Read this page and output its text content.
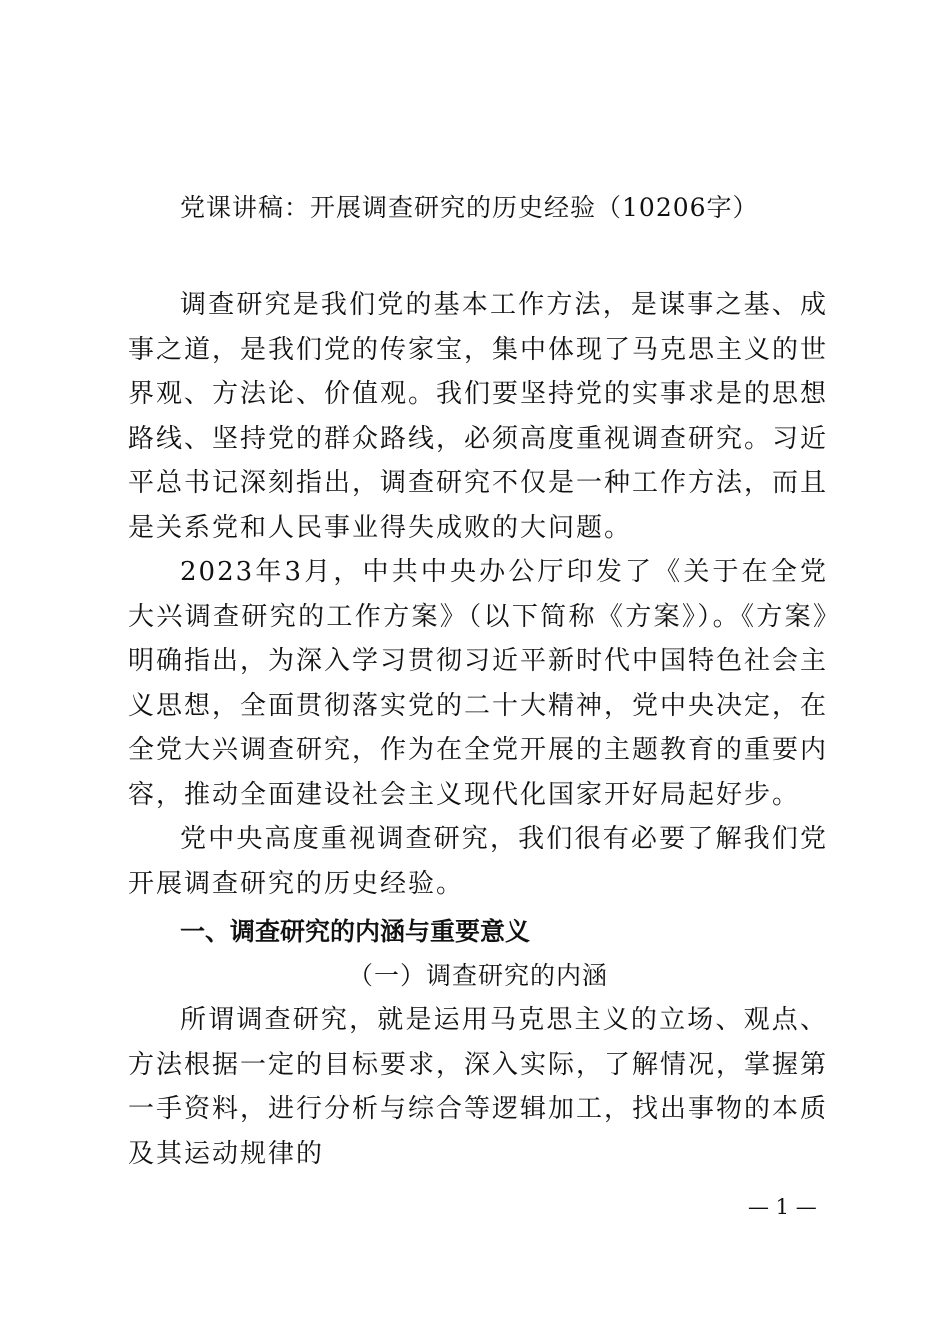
党课讲稿：开展调查研究的历史经验（10206字）

调查研究是我们党的基本工作方法，是谋事之基、成事之道，是我们党的传家宝，集中体现了马克思主义的世界观、方法论、价值观。我们要坚持党的实事求是的思想路线、坚持党的群众路线，必须高度重视调查研究。习近平总书记深刻指出，调查研究不仅是一种工作方法，而且是关系党和人民事业得失成败的大问题。

2023年3月，中共中央办公厅印发了《关于在全党大兴调查研究的工作方案》（以下简称《方案》）。《方案》明确指出，为深入学习贯彻习近平新时代中国特色社会主义思想，全面贯彻落实党的二十大精神，党中央决定，在全党大兴调查研究，作为在全党开展的主题教育的重要内容，推动全面建设社会主义现代化国家开好局起好步。

党中央高度重视调查研究，我们很有必要了解我们党开展调查研究的历史经验。

一、调查研究的内涵与重要意义

（一）调查研究的内涵

所谓调查研究，就是运用马克思主义的立场、观点、方法根据一定的目标要求，深入实际，了解情况，掌握第一手资料，进行分析与综合等逻辑加工，找出事物的本质及其运动规律的

— 1 —
